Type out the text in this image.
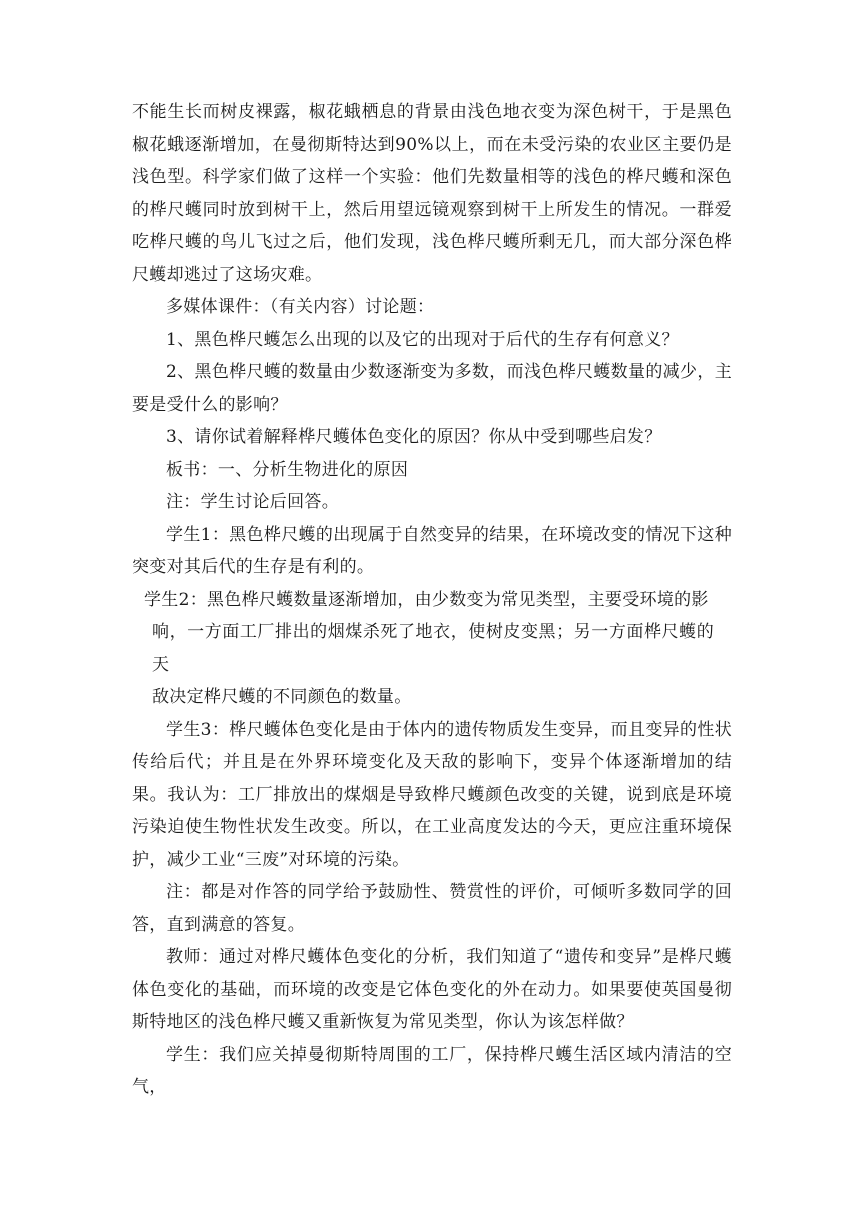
不能生长而树皮裸露，椒花蛾栖息的背景由浅色地衣变为深色树干，于是黑色椒花蛾逐渐增加，在曼彻斯特达到90%以上，而在未受污染的农业区主要仍是浅色型。科学家们做了这样一个实验：他们先数量相等的浅色的桦尺蠖和深色的桦尺蠖同时放到树干上，然后用望远镜观察到树干上所发生的情况。一群爱吃桦尺蠖的鸟儿飞过之后，他们发现，浅色桦尺蠖所剩无几，而大部分深色桦尺蠖却逃过了这场灾难。

多媒体课件：（有关内容）讨论题：

1、黑色桦尺蠖怎么出现的以及它的出现对于后代的生存有何意义？

2、黑色桦尺蠖的数量由少数逐渐变为多数，而浅色桦尺蠖数量的减少，主要是受什么的影响？

3、请你试着解释桦尺蠖体色变化的原因？你从中受到哪些启发？

板书：一、分析生物进化的原因

注：学生讨论后回答。

学生1：黑色桦尺蠖的出现属于自然变异的结果，在环境改变的情况下这种突变对其后代的生存是有利的。

学生2：黑色桦尺蠖数量逐渐增加，由少数变为常见类型，主要受环境的影
响，一方面工厂排出的烟煤杀死了地衣，使树皮变黑；另一方面桦尺蠖的天
敌决定桦尺蠖的不同颜色的数量。

学生3：桦尺蠖体色变化是由于体内的遗传物质发生变异，而且变异的性状传给后代；并且是在外界环境变化及天敌的影响下，变异个体逐渐增加的结果。我认为：工厂排放出的煤烟是导致桦尺蠖颜色改变的关键，说到底是环境污染迫使生物性状发生改变。所以，在工业高度发达的今天，更应注重环境保护，减少工业“三废”对环境的污染。

注：都是对作答的同学给予鼓励性、赞赏性的评价，可倾听多数同学的回答，直到满意的答复。

教师：通过对桦尺蠖体色变化的分析，我们知道了“遗传和变异”是桦尺蠖体色变化的基础，而环境的改变是它体色变化的外在动力。如果要使英国曼彻斯特地区的浅色桦尺蠖又重新恢复为常见类型，你认为该怎样做？

学生：我们应关掉曼彻斯特周围的工厂，保持桦尺蠖生活区域内清洁的空气，
